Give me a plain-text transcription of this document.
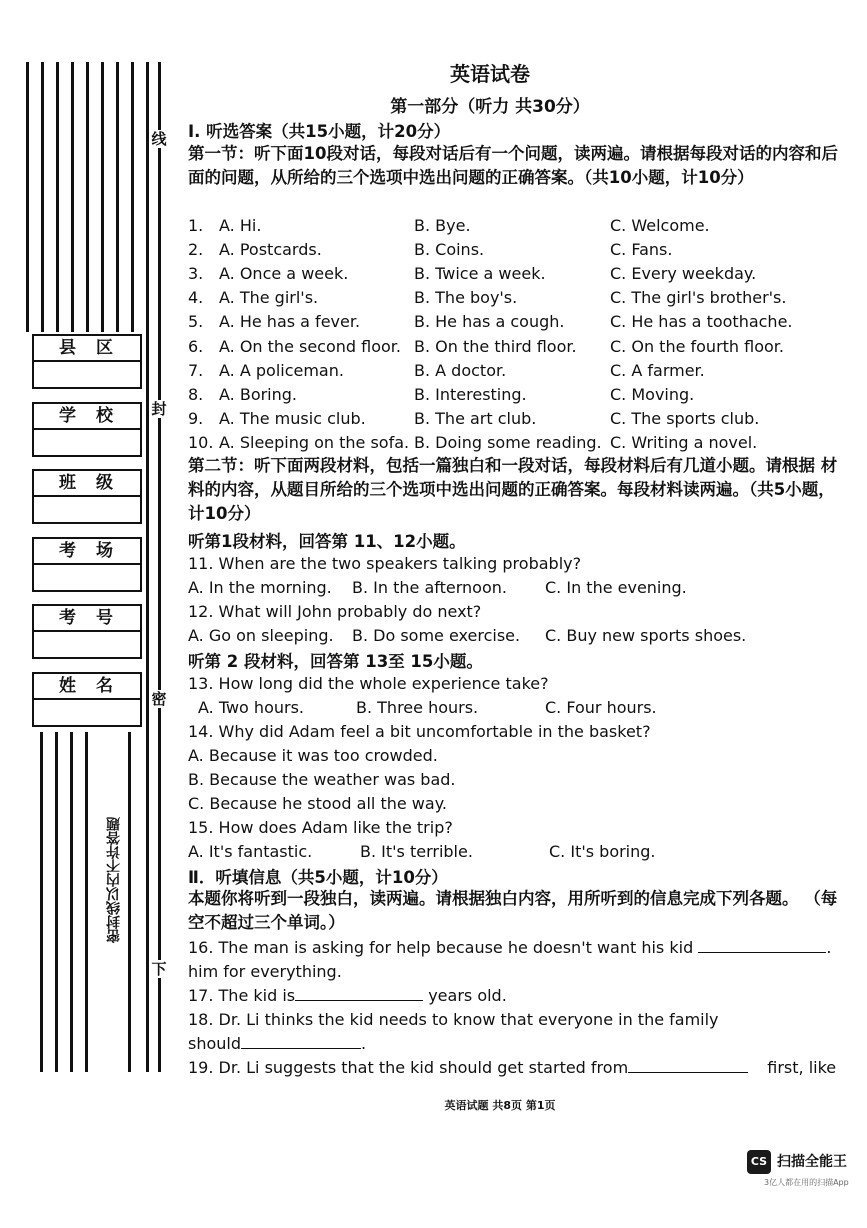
线
封
密
下
县区
学校
班级
考场
考号
姓名
密封线以内不许答题
英语试卷
第一部分（听力 共30分）
I. 听选答案（共15小题，计20分）
第一节：听下面10段对话，每段对话后有一个问题，读两遍。请根据每段对话的内容和后面的问题，从所给的三个选项中选出问题的正确答案。（共10小题，计10分）
1. A. Hi.	B. Bye.	C. Welcome.
2. A. Postcards.	B. Coins.	C. Fans.
3. A. Once a week.	B. Twice a week.	C. Every weekday.
4. A. The girl's.	B. The boy's.	C. The girl's brother's.
5. A. He has a fever.	B. He has a cough.	C. He has a toothache.
6. A. On the second floor. B. On the third floor. C. On the fourth floor.
7. A. A policeman.	B. A doctor.	C. A farmer.
8. A. Boring.	B. Interesting.	C. Moving.
9. A. The music club.	B. The art club.	C. The sports club.
10. A. Sleeping on the sofa. B. Doing some reading. C. Writing a novel.
第二节：听下面两段材料，包括一篇独白和一段对话，每段材料后有几道小题。请根据 材料的内容，从题目所给的三个选项中选出问题的正确答案。每段材料读两遍。（共5小题， 计10分）
听第1段材料，回答第 11、12小题。
11. When are the two speakers talking probably?
A. In the morning. B. In the afternoon. C. In the evening.
12. What will John probably do next?
A. Go on sleeping. B. Do some exercise. C. Buy new sports shoes.
听第 2 段材料，回答第 13至 15小题。
13. How long did the whole experience take?
A. Two hours.	B. Three hours.	C. Four hours.
14. Why did Adam feel a bit uncomfortable in the basket?
A. Because it was too crowded.
B. Because the weather was bad.
C. Because he stood all the way.
15. How does Adam like the trip?
A. It's fantastic.	B. It's terrible.	C. It's boring.
Ⅱ．听填信息（共5小题，计10分）
本题你将听到一段独白，读两遍。请根据独白内容，用所听到的信息完成下列各题。 （每空不超过三个单词。）
16. The man is asking for help because he doesn't want his kid	.
him for everything.
17. The kid is	years old.
18. Dr. Li thinks the kid needs to know that everyone in the family
should	.
19. Dr. Li suggests that the kid should get started from	first, like
英语试题 共8页 第1页
CS 扫描全能王
3亿人都在用的扫描App
